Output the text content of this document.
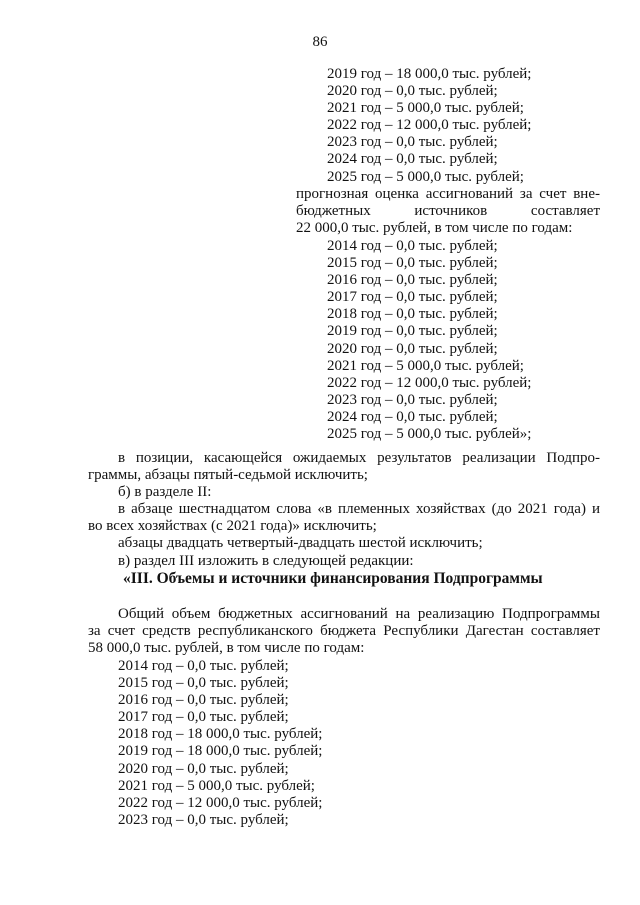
86
2019 год – 18 000,0 тыс. рублей;
2020 год – 0,0 тыс. рублей;
2021 год – 5 000,0 тыс. рублей;
2022 год – 12 000,0 тыс. рублей;
2023 год – 0,0 тыс. рублей;
2024 год – 0,0 тыс. рублей;
2025 год – 5 000,0 тыс. рублей;
прогнозная оценка ассигнований за счет вне-
бюджетных источников составляет
22 000,0 тыс. рублей, в том числе по годам:
2014 год – 0,0 тыс. рублей;
2015 год – 0,0 тыс. рублей;
2016 год – 0,0 тыс. рублей;
2017 год – 0,0 тыс. рублей;
2018 год – 0,0 тыс. рублей;
2019 год – 0,0 тыс. рублей;
2020 год – 0,0 тыс. рублей;
2021 год – 5 000,0 тыс. рублей;
2022 год – 12 000,0 тыс. рублей;
2023 год – 0,0 тыс. рублей;
2024 год – 0,0 тыс. рублей;
2025 год – 5 000,0 тыс. рублей»;
в позиции, касающейся ожидаемых результатов реализации Подпро-
граммы, абзацы пятый-седьмой исключить;
б) в разделе II:
в абзаце шестнадцатом слова «в племенных хозяйствах (до 2021 года) и
во всех хозяйствах (с 2021 года)» исключить;
абзацы двадцать четвертый-двадцать шестой исключить;
в) раздел III изложить в следующей редакции:
«III. Объемы и источники финансирования Подпрограммы
Общий объем бюджетных ассигнований на реализацию Подпрограммы
за счет средств республиканского бюджета Республики Дагестан составляет
58 000,0 тыс. рублей, в том числе по годам:
2014 год – 0,0 тыс. рублей;
2015 год – 0,0 тыс. рублей;
2016 год – 0,0 тыс. рублей;
2017 год – 0,0 тыс. рублей;
2018 год – 18 000,0 тыс. рублей;
2019 год – 18 000,0 тыс. рублей;
2020 год – 0,0 тыс. рублей;
2021 год – 5 000,0 тыс. рублей;
2022 год – 12 000,0 тыс. рублей;
2023 год – 0,0 тыс. рублей;
